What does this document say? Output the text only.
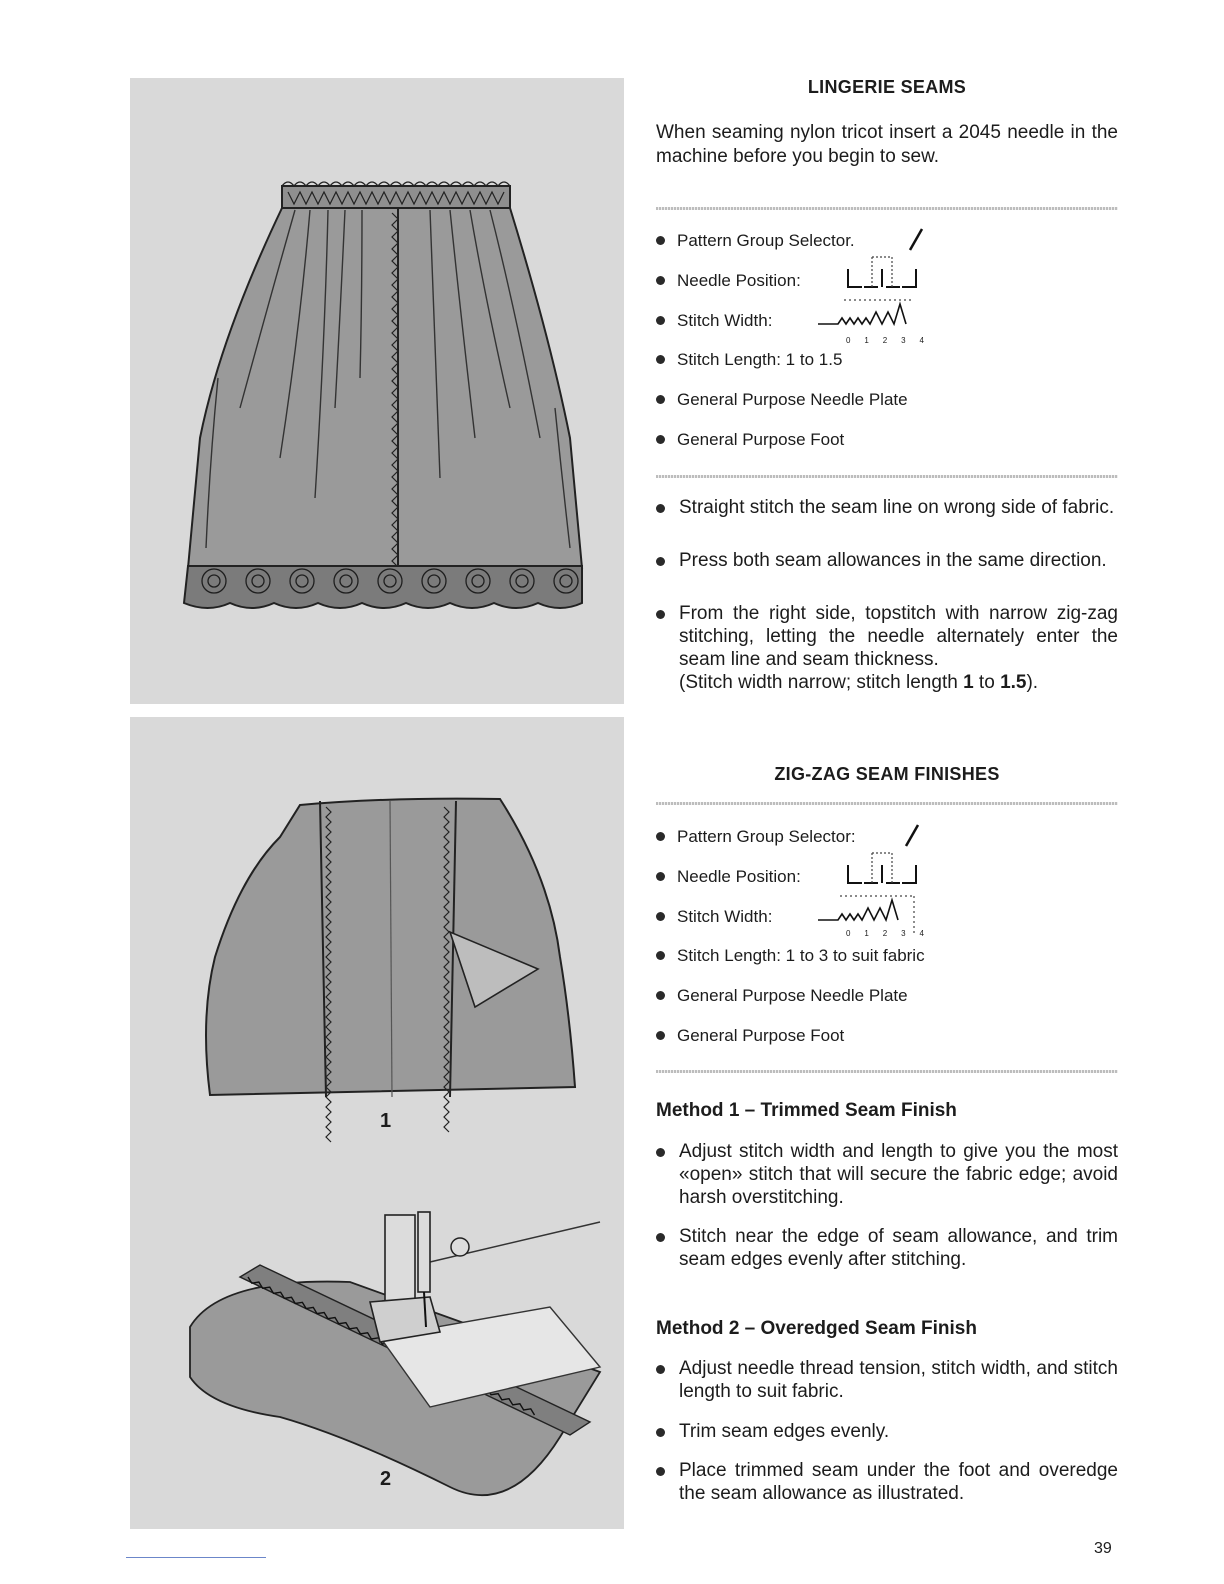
1
2
LINGERIE SEAMS
When seaming nylon tricot insert a 2045 needle in the machine before you begin to sew.
Pattern Group Selector.
Needle Position:
Stitch Width:
0 1 2 3 4
Stitch Length: 1 to 1.5
General Purpose Needle Plate
General Purpose Foot
Straight stitch the seam line on wrong side of fabric.
Press both seam allowances in the same direction.
From the right side, topstitch with narrow zig-zag stitching, letting the needle alternately enter the seam line and seam thickness.
(Stitch width narrow; stitch length 1 to 1.5).
ZIG-ZAG SEAM FINISHES
Pattern Group Selector:
Needle Position:
Stitch Width:
0 1 2 3 4
Stitch Length: 1 to 3 to suit fabric
General Purpose Needle Plate
General Purpose Foot
Method 1 – Trimmed Seam Finish
Adjust stitch width and length to give you the most «open» stitch that will secure the fabric edge; avoid harsh overstitching.
Stitch near the edge of seam allowance, and trim seam edges evenly after stitching.
Method 2 – Overedged Seam Finish
Adjust needle thread tension, stitch width, and stitch length to suit fabric.
Trim seam edges evenly.
Place trimmed seam under the foot and overedge the seam allowance as illustrated.
39
